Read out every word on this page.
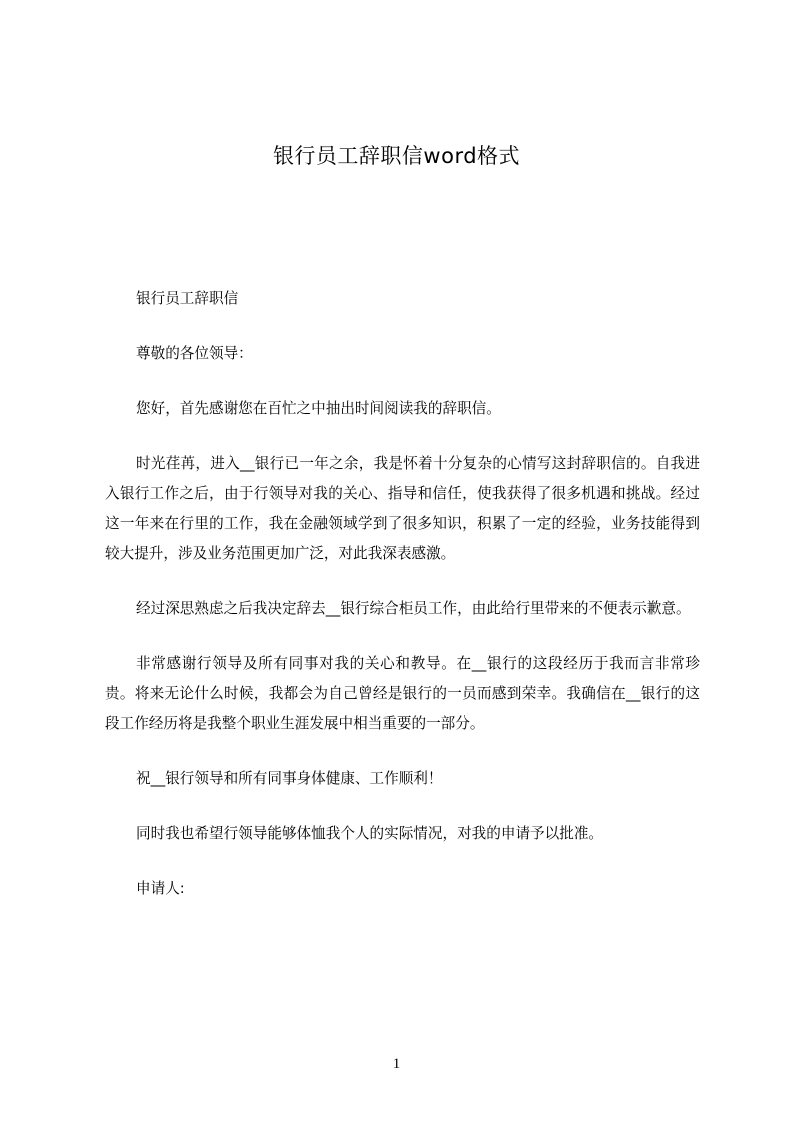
银行员工辞职信word格式

银行员工辞职信

尊敬的各位领导：

您好，首先感谢您在百忙之中抽出时间阅读我的辞职信。

时光荏苒，进入__银行已一年之余，我是怀着十分复杂的心情写这封辞职信的。自我进入银行工作之后，由于行领导对我的关心、指导和信任，使我获得了很多机遇和挑战。经过这一年来在行里的工作，我在金融领域学到了很多知识，积累了一定的经验，业务技能得到较大提升，涉及业务范围更加广泛，对此我深表感激。

经过深思熟虑之后我决定辞去__银行综合柜员工作，由此给行里带来的不便表示歉意。

非常感谢行领导及所有同事对我的关心和教导。在__银行的这段经历于我而言非常珍贵。将来无论什么时候，我都会为自己曾经是银行的一员而感到荣幸。我确信在__银行的这段工作经历将是我整个职业生涯发展中相当重要的一部分。

祝__银行领导和所有同事身体健康、工作顺利！

同时我也希望行领导能够体恤我个人的实际情况，对我的申请予以批准。

申请人:

1
